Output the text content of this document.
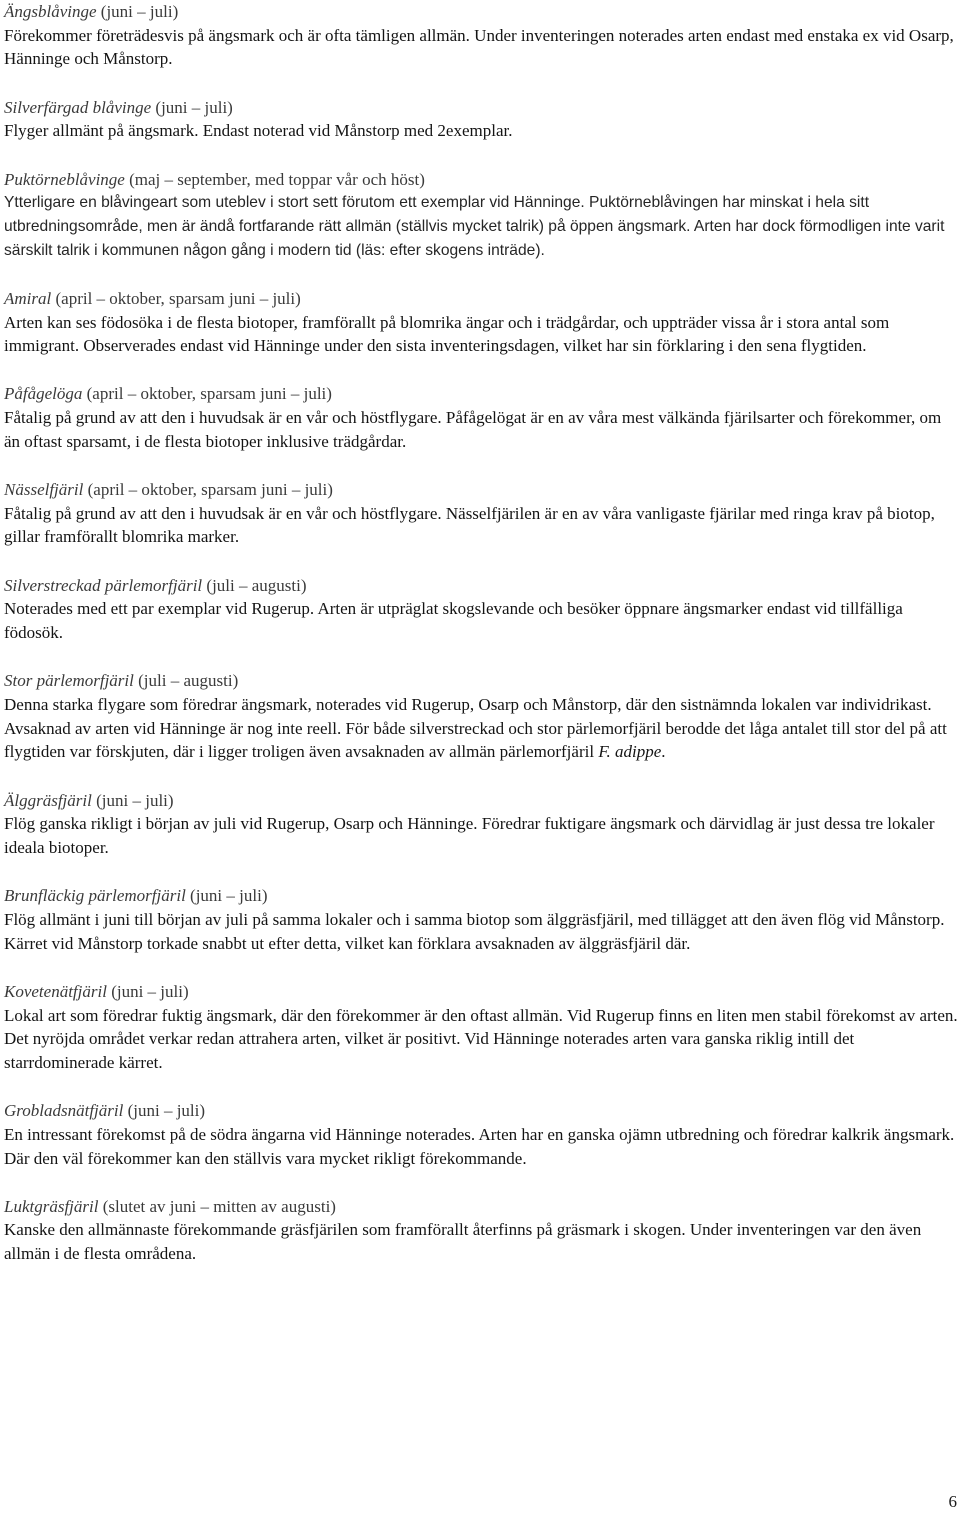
Ängsblåvinge (juni – juli)

Förekommer företrädesvis på ängsmark och är ofta tämligen allmän. Under inventeringen noterades arten endast med enstaka ex vid Osarp, Hänninge och Månstorp.

Silverfärgad blåvinge (juni – juli)

Flyger allmänt på ängsmark. Endast noterad vid Månstorp med 2exemplar.

Puktörneblåvinge (maj – september, med toppar vår och höst)

Ytterligare en blåvingeart som uteblev i stort sett förutom ett exemplar vid Hänninge. Puktörneblåvingen har minskat i hela sitt utbredningsområde, men är ändå fortfarande rätt allmän (ställvis mycket talrik) på öppen ängsmark. Arten har dock förmodligen inte varit särskilt talrik i kommunen någon gång i modern tid (läs: efter skogens inträde).

Amiral (april – oktober, sparsam juni – juli)

Arten kan ses födosöka i de flesta biotoper, framförallt på blomrika ängar och i trädgårdar, och uppträder vissa år i stora antal som immigrant. Observerades endast vid Hänninge under den sista inventeringsdagen, vilket har sin förklaring i den sena flygtiden.

Påfågelöga (april – oktober, sparsam juni – juli)

Fåtalig på grund av att den i huvudsak är en vår och höstflygare. Påfågelögat är en av våra mest välkända fjärilsarter och förekommer, om än oftast sparsamt, i de flesta biotoper inklusive trädgårdar.

Nässelfjäril (april – oktober, sparsam juni – juli)

Fåtalig på grund av att den i huvudsak är en vår och höstflygare. Nässelfjärilen är en av våra vanligaste fjärilar med ringa krav på biotop, gillar framförallt blomrika marker.

Silverstreckad pärlemorfjäril (juli – augusti)

Noterades med ett par exemplar vid Rugerup. Arten är utpräglat skogslevande och besöker öppnare ängsmarker endast vid tillfälliga födosök.

Stor pärlemorfjäril (juli – augusti)

Denna starka flygare som föredrar ängsmark, noterades vid Rugerup, Osarp och Månstorp, där den sistnämnda lokalen var individrikast. Avsaknad av arten vid Hänninge är nog inte reell. För både silverstreckad och stor pärlemorfjäril berodde det låga antalet till stor del på att flygtiden var förskjuten, där i ligger troligen även avsaknaden av allmän pärlemorfjäril F. adippe.

Älggräsfjäril (juni – juli)

Flög ganska rikligt i början av juli vid Rugerup, Osarp och Hänninge. Föredrar fuktigare ängsmark och därvidlag är just dessa tre lokaler ideala biotoper.

Brunfläckig pärlemorfjäril (juni – juli)

Flög allmänt i juni till början av juli på samma lokaler och i samma biotop som älggräsfjäril, med tillägget att den även flög vid Månstorp. Kärret vid Månstorp torkade snabbt ut efter detta, vilket kan förklara avsaknaden av älggräsfjäril där.

Kovetenätfjäril (juni – juli)

Lokal art som föredrar fuktig ängsmark, där den förekommer är den oftast allmän. Vid Rugerup finns en liten men stabil förekomst av arten. Det nyröjda området verkar redan attrahera arten, vilket är positivt. Vid Hänninge noterades arten vara ganska riklig intill det starrdominerade kärret.

Grobladsnätfjäril (juni – juli)

En intressant förekomst på de södra ängarna vid Hänninge noterades. Arten har en ganska ojämn utbredning och föredrar kalkrik ängsmark. Där den väl förekommer kan den ställvis vara mycket rikligt förekommande.

Luktgräsfjäril (slutet av juni – mitten av augusti)

Kanske den allmännaste förekommande gräsfjärilen som framförallt återfinns på gräsmark i skogen. Under inventeringen var den även allmän i de flesta områdena.

6
